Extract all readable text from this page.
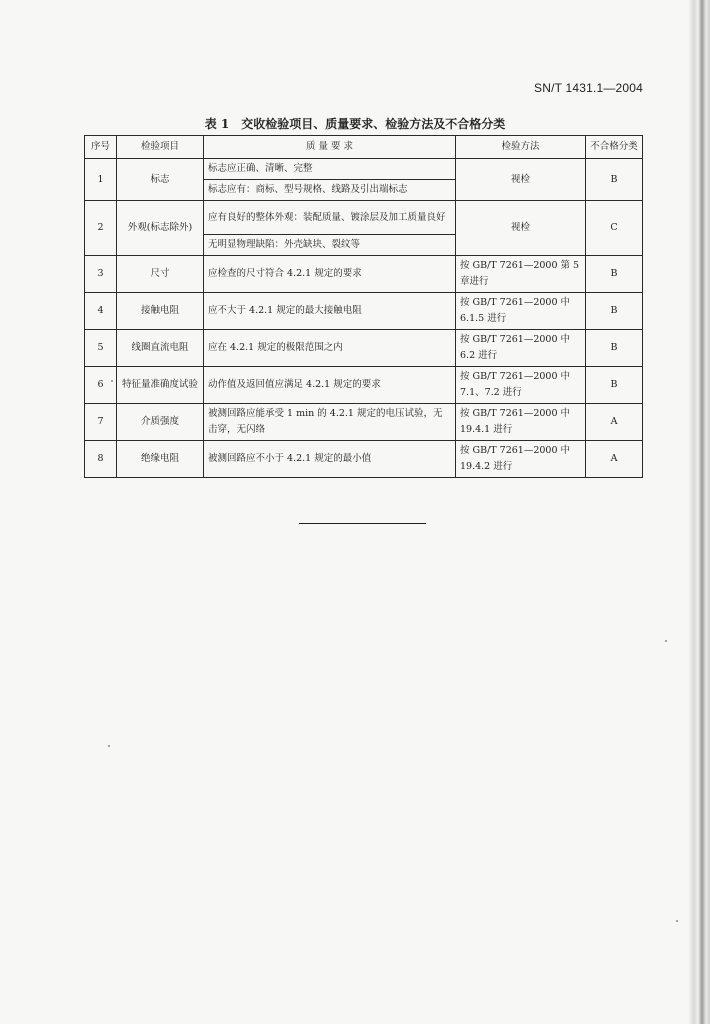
SN/T 1431.1—2004
表 1 交收检验项目、质量要求、检验方法及不合格分类
序号	检验项目	质 量 要 求	检验方法	不合格分类
1	标志	标志应正确、清晰、完整	视检	B
		标志应有：商标、型号规格、线路及引出端标志		
2	外观(标志除外)	应有良好的整体外观：装配质量、镀涂层及加工质量良好	视检	C
		无明显物理缺陷：外壳缺块、裂纹等		
3	尺寸	应检查的尺寸符合 4.2.1 规定的要求	按 GB/T 7261—2000 第 5 章进行	B
4	接触电阻	应不大于 4.2.1 规定的最大接触电阻	按 GB/T 7261—2000 中 6.1.5 进行	B
5	线圈直流电阻	应在 4.2.1 规定的极限范围之内	按 GB/T 7261—2000 中 6.2 进行	B
6	特征量准确度试验	动作值及返回值应满足 4.2.1 规定的要求	按 GB/T 7261—2000 中 7.1、7.2 进行	B
7	介质强度	被测回路应能承受 1 min 的 4.2.1 规定的电压试验，无击穿，无闪络	按 GB/T 7261—2000 中 19.4.1 进行	A
8	绝缘电阻	被测回路应不小于 4.2.1 规定的最小值	按 GB/T 7261—2000 中 19.4.2 进行	A
